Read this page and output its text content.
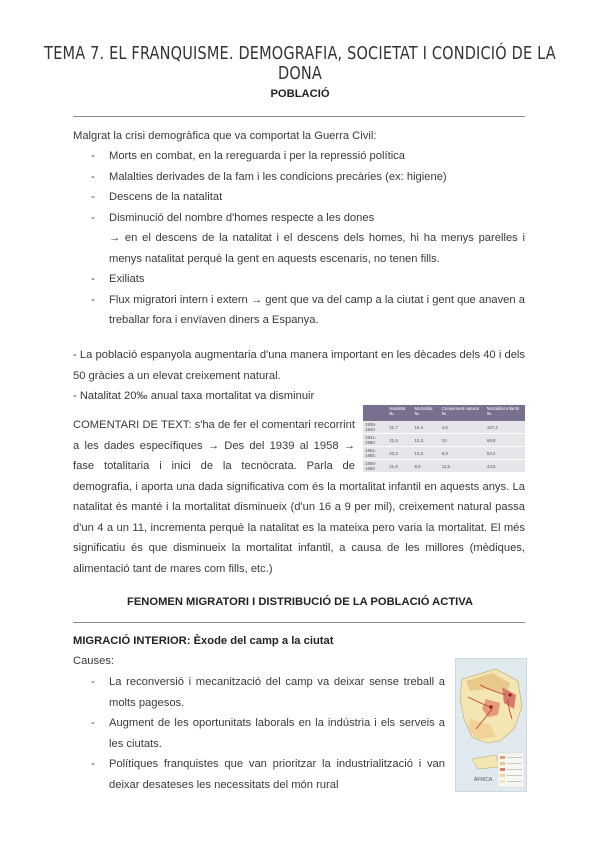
TEMA 7. EL FRANQUISME. DEMOGRAFIA, SOCIETAT I CONDICIÓ DE LA DONA
POBLACIÓ
Malgrat la crisi demogràfica que va comportat la Guerra Civil:
- Morts en combat, en la rereguarda i per la repressió política
- Malalties derivades de la fam i les condicions precàries (ex: higiene)
- Descens de la natalitat
- Disminució del nombre d'homes respecte a les dones
→ en el descens de la natalitat i el descens dels homes, hi ha menys parelles i menys natalitat perquè la gent en aquests escenaris, no tenen fills.
- Exiliats
- Flux migratori intern i extern → gent que va del camp a la ciutat i gent que anaven a treballar fora i envïaven diners a Espanya.
- La població espanyola augmentaria d'una manera important en les dècades dels 40 i dels 50 gràcies a un elevat creixement natural.
- Natalitat 20‰ anual taxa mortalitat va disminuir
COMENTARI DE TEXT: s'ha de fer el comentari recorrint a les dades específiques → Des del 1939 al 1958 → fase totalitaria i inici de la tecnòcrata. Parla de demografia, i aporta una dada significativa com és la mortalitat infantil en aquests anys. La natalitat és manté i la mortalitat disminueix (d'un 16 a 9 per mil), creixement natural passa d'un 4 a un 11, incrementa perquè la natalitat es la mateixa pero varia la mortalitat. El més significatiu és que disminueix la mortalitat infantil, a causa de les millores (mèdiques, alimentació tant de mares com fills, etc.)
	Natalitat ‰	Mortalitat ‰	Creixement natural ‰	Mortalitat infantil ‰
1936-1940	21,7	16,4	4,6	107,4
1941-1950	21,5	12,3	10	69,8
1951-1955	20,3	10,3	9,9	53,4
1956-1958	21,8	9,5	11,5	43,6
FENOMEN MIGRATORI I DISTRIBUCIÓ DE LA POBLACIÓ ACTIVA
MIGRACIÓ INTERIOR: Èxode del camp a la ciutat
Causes:
- La reconversió i mecanització del camp va deixar sense treball a molts pagesos.
- Augment de les oportunitats laborals en la indústria i els serveis a les ciutats.
- Polítiques franquistes que van prioritzar la industrialització i van deixar desateses les necessitats del món rural	ÀFRICA
